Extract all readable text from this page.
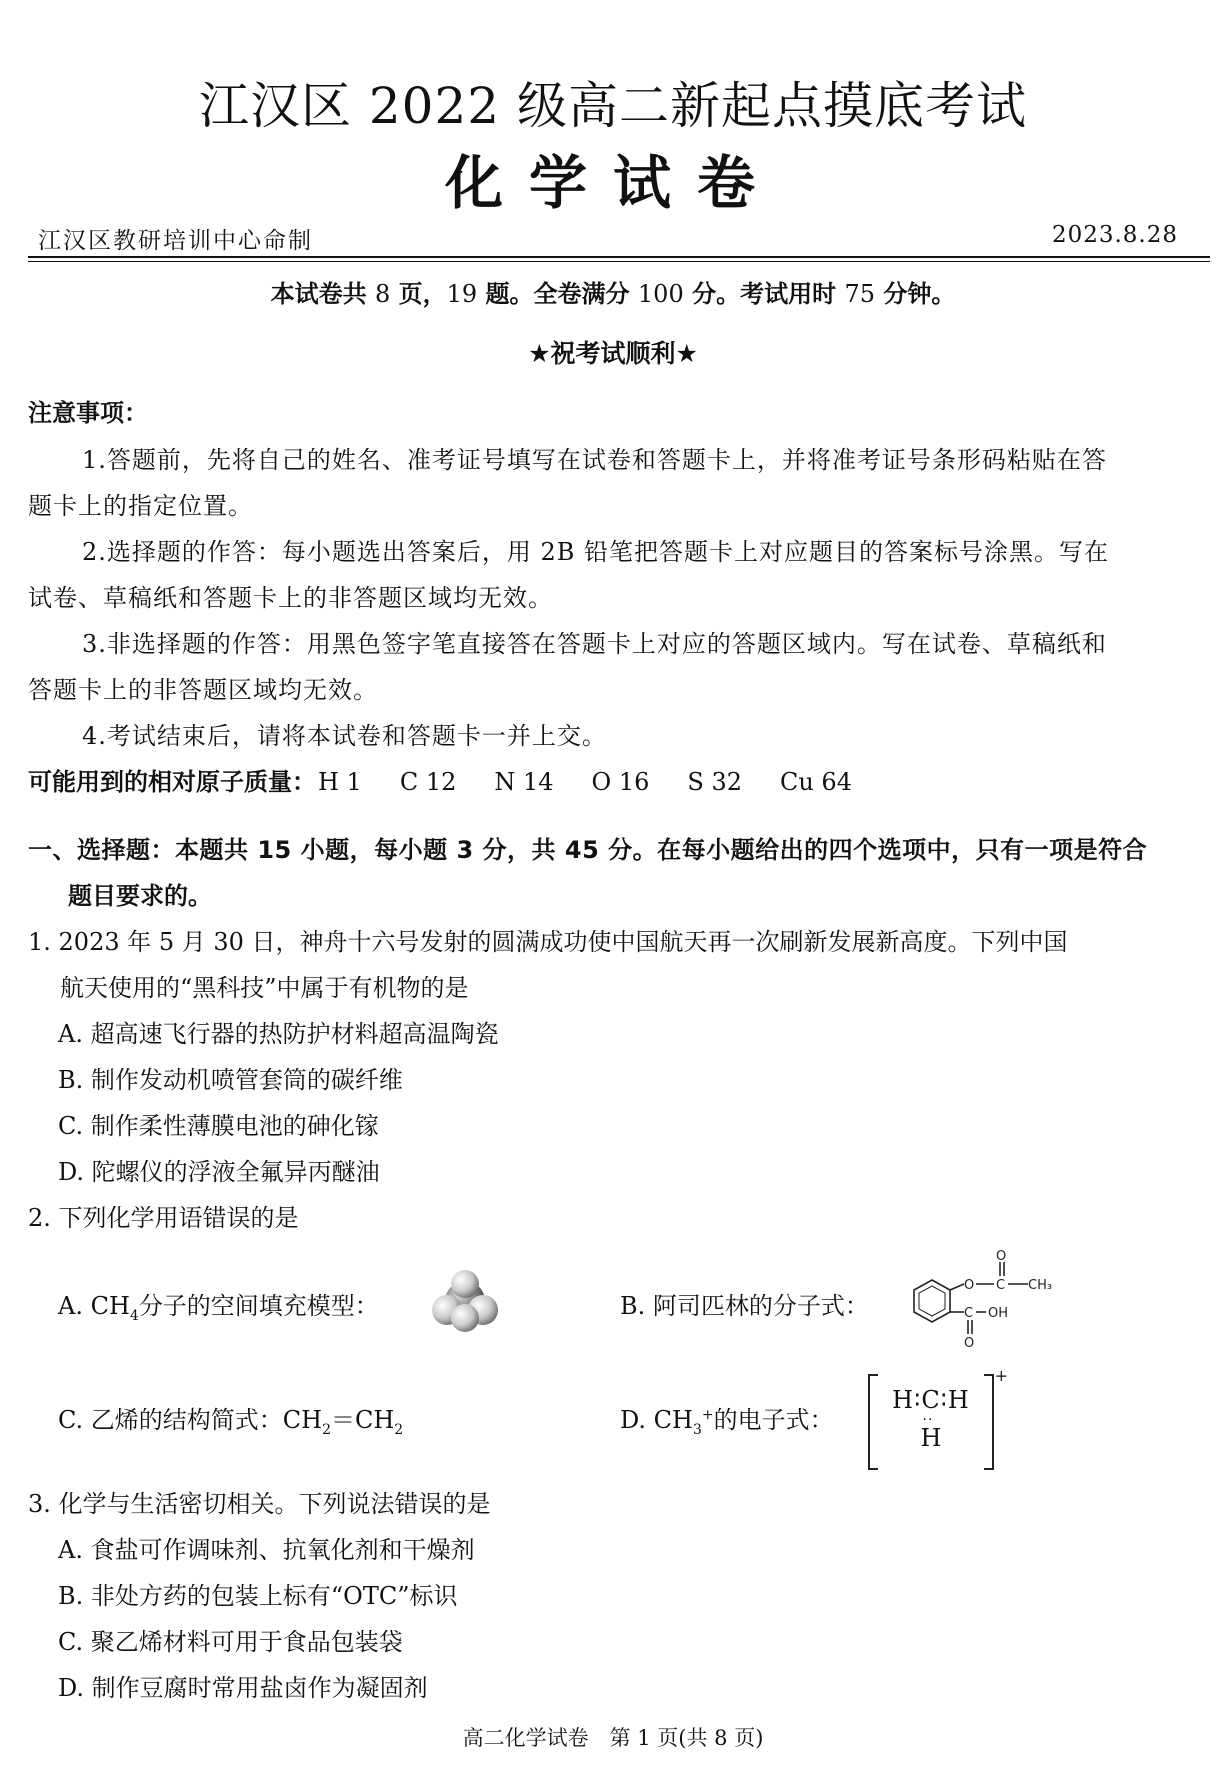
江汉区 2022 级高二新起点摸底考试
化学试卷
江汉区教研培训中心命制	2023.8.28
本试卷共 8 页，19 题。全卷满分 100 分。考试用时 75 分钟。
★祝考试顺利★
注意事项：
1.答题前，先将自己的姓名、准考证号填写在试卷和答题卡上，并将准考证号条形码粘贴在答
题卡上的指定位置。
2.选择题的作答：每小题选出答案后，用 2B 铅笔把答题卡上对应题目的答案标号涂黑。写在
试卷、草稿纸和答题卡上的非答题区域均无效。
3.非选择题的作答：用黑色签字笔直接答在答题卡上对应的答题区域内。写在试卷、草稿纸和
答题卡上的非答题区域均无效。
4.考试结束后，请将本试卷和答题卡一并上交。
可能用到的相对原子质量：H 1 C 12 N 14 O 16 S 32 Cu 64
一、选择题：本题共 15 小题，每小题 3 分，共 45 分。在每小题给出的四个选项中，只有一项是符合
题目要求的。
1. 2023 年 5 月 30 日，神舟十六号发射的圆满成功使中国航天再一次刷新发展新高度。下列中国
航天使用的“黑科技”中属于有机物的是
A. 超高速飞行器的热防护材料超高温陶瓷
B. 制作发动机喷管套筒的碳纤维
C. 制作柔性薄膜电池的砷化镓
D. 陀螺仪的浮液全氟异丙醚油
2. 下列化学用语错误的是
A. $CH_4$分子的空间填充模型：	B. 阿司匹林的分子式：
O
O C CH₃
C OH
O
C. 乙烯的结构简式：$CH_2=CH_2$	D. $CH_3^+$的电子式：
H∶C∶H
··
H
+
3. 化学与生活密切相关。下列说法错误的是
A. 食盐可作调味剂、抗氧化剂和干燥剂
B. 非处方药的包装上标有“OTC”标识
C. 聚乙烯材料可用于食品包装袋
D. 制作豆腐时常用盐卤作为凝固剂
高二化学试卷　第 1 页(共 8 页)
